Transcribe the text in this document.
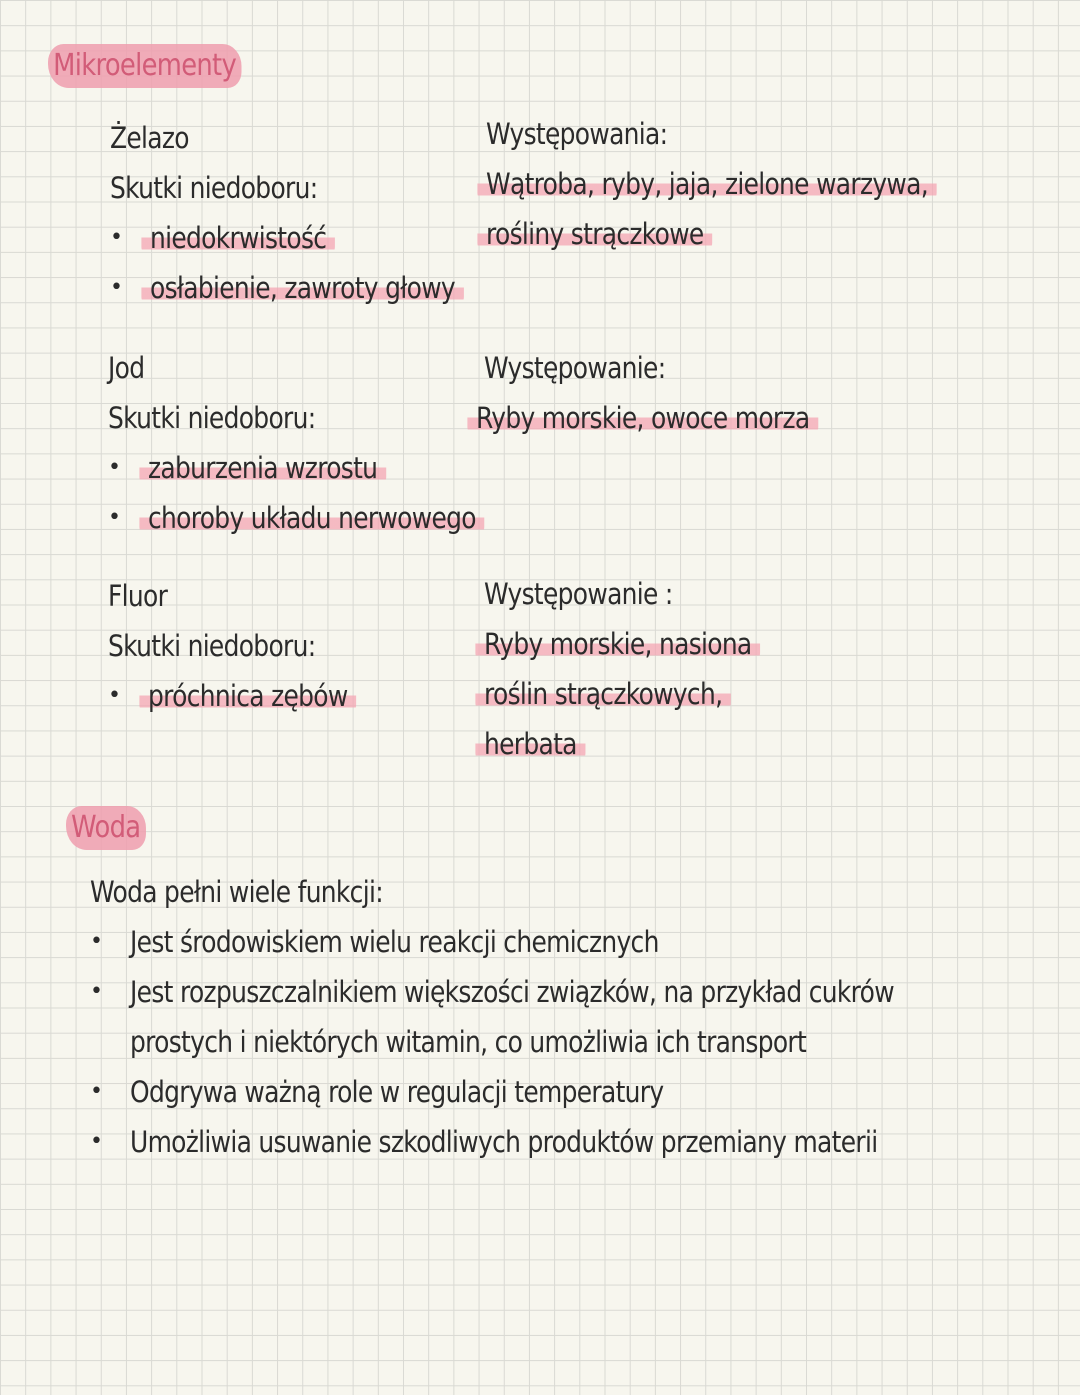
Mikroelementy
Żelazo
Skutki niedoboru:
• niedokrwistość
• osłabienie, zawroty głowy
Występowania:
Wątroba, ryby, jaja, zielone warzywa,
rośliny strączkowe
Jod
Skutki niedoboru:
• zaburzenia wzrostu
• choroby układu nerwowego
Występowanie:
Ryby morskie, owoce morza
Fluor
Skutki niedoboru:
• próchnica zębów
Występowanie :
Ryby morskie, nasiona
roślin strączkowych,
herbata
Woda
Woda pełni wiele funkcji:
• Jest środowiskiem wielu reakcji chemicznych
• Jest rozpuszczalnikiem większości związków, na przykład cukrów
prostych i niektórych witamin, co umożliwia ich transport
• Odgrywa ważną role w regulacji temperatury
• Umożliwia usuwanie szkodliwych produktów przemiany materii
